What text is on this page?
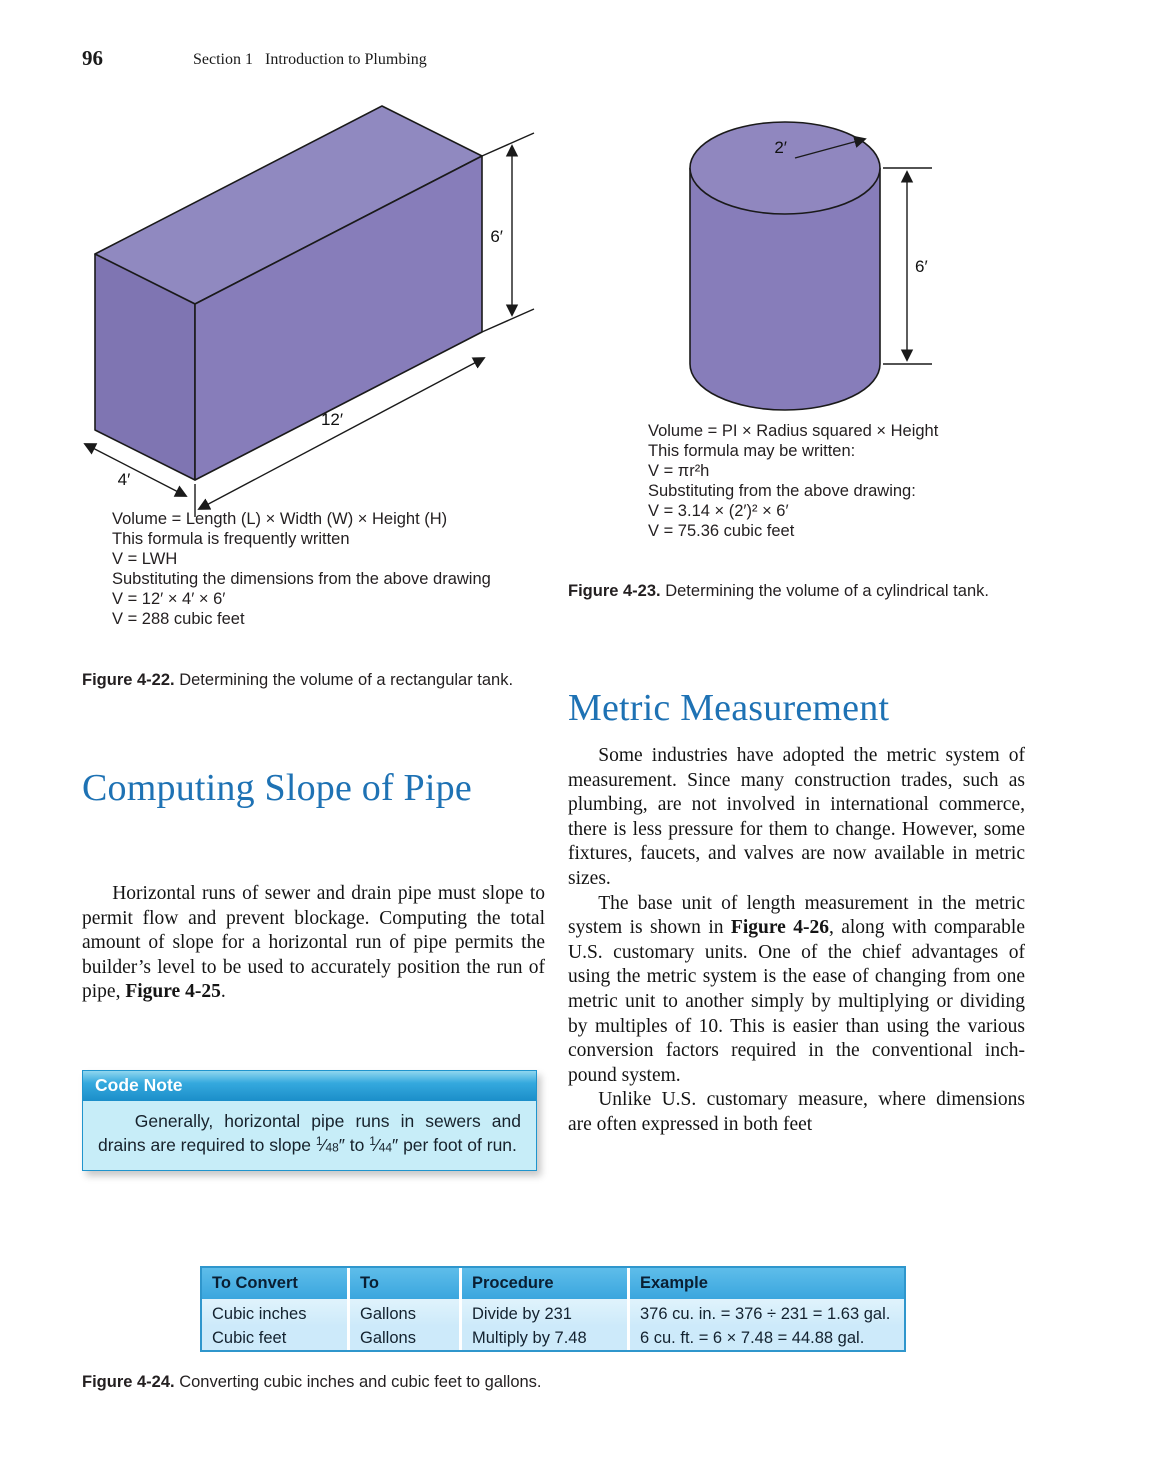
96	Section 1   Introduction to Plumbing
6′
12′
4′
Volume = Length (L) × Width (W) × Height (H)
This formula is frequently written
V = LWH
Substituting the dimensions from the above drawing
V = 12′ × 4′ × 6′
V = 288 cubic feet
Figure 4-22. Determining the volume of a rectangular tank.
Computing Slope of Pipe

Horizontal runs of sewer and drain pipe must slope to permit flow and prevent blockage. Computing the total amount of slope for a horizontal run of pipe permits the builder’s level to be used to accurately position the run of pipe, Figure 4-25.

Code Note

Generally, horizontal pipe runs in sewers and drains are required to slope $^1⁄_{48}''$ to $^1⁄_{44}''$ per foot of run.

2′
6′
Volume = PI × Radius squared × Height
This formula may be written:
V = πr²h
Substituting from the above drawing:
V = 3.14 × (2′)² × 6′
V = 75.36 cubic feet
Figure 4-23. Determining the volume of a cylindrical tank.
Metric Measurement

Some industries have adopted the metric system of measurement. Since many construction trades, such as plumbing, are not involved in international commerce, there is less pressure for them to change. However, some fixtures, faucets, and valves are now available in metric sizes.

The base unit of length measurement in the metric system is shown in Figure 4-26, along with comparable U.S. customary units. One of the chief advantages of using the metric system is the ease of changing from one metric unit to another simply by multiplying or dividing by multiples of 10. This is easier than using the various conversion factors required in the conventional inch-pound system.

Unlike U.S. customary measure, where dimensions are often expressed in both feet

To Convert	To	Procedure	Example
Cubic inches	Gallons	Divide by 231	376 cu. in. = 376 ÷ 231 = 1.63 gal.
Cubic feet	Gallons	Multiply by 7.48	6 cu. ft. = 6 × 7.48 = 44.88 gal.
Figure 4-24. Converting cubic inches and cubic feet to gallons.
